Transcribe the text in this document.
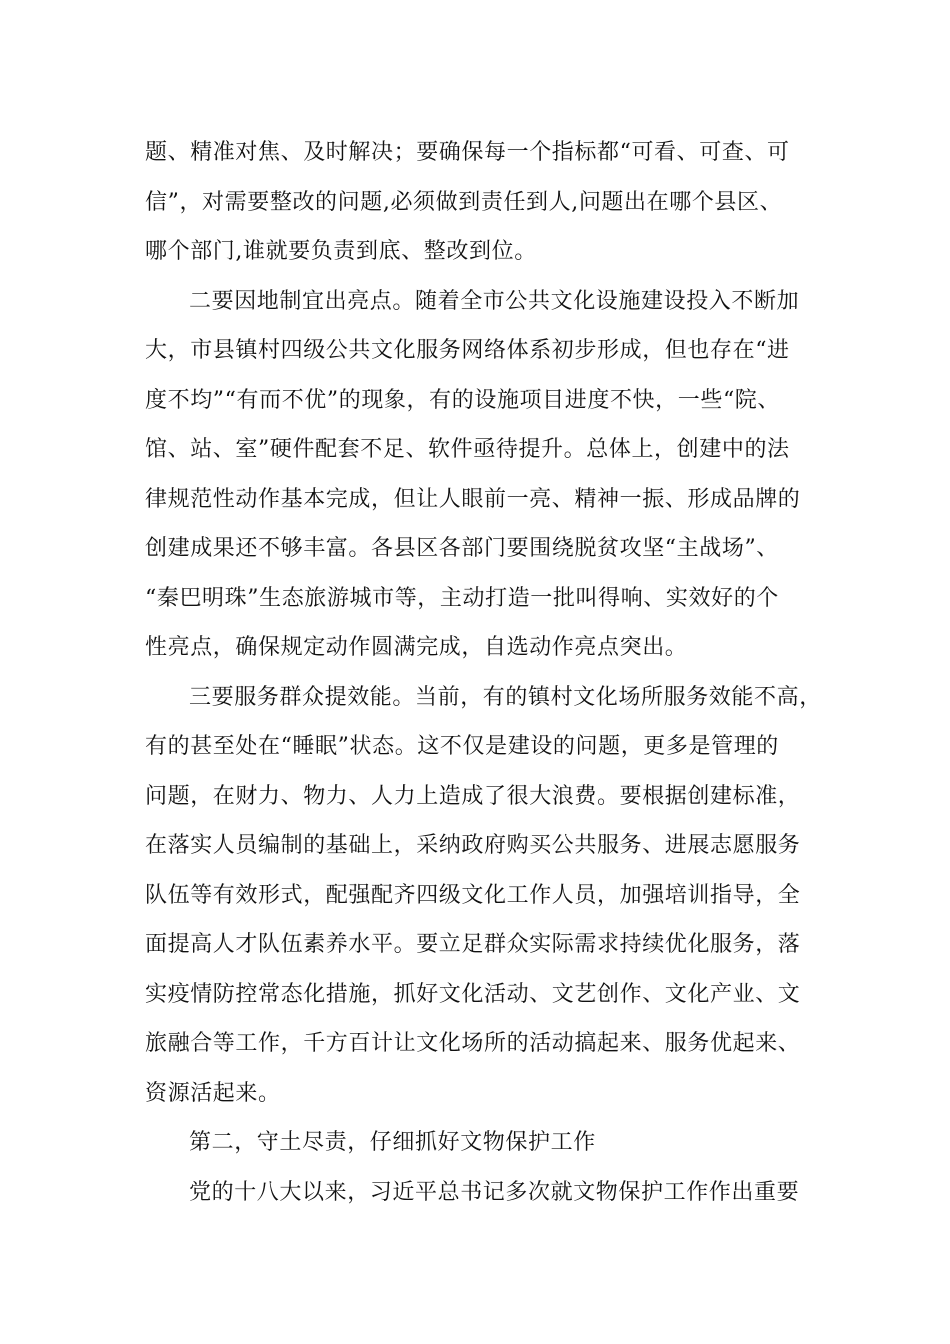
题、精准对焦、及时解决；要确保每一个指标都“可看、可查、可
信”，对需要整改的问题,必须做到责任到人,问题出在哪个县区、
哪个部门,谁就要负责到底、整改到位。

二要因地制宜出亮点。随着全市公共文化设施建设投入不断加
大，市县镇村四级公共文化服务网络体系初步形成，但也存在“进
度不均”“有而不优”的现象，有的设施项目进度不快，一些“院、
馆、站、室”硬件配套不足、软件亟待提升。总体上，创建中的法
律规范性动作基本完成，但让人眼前一亮、精神一振、形成品牌的
创建成果还不够丰富。各县区各部门要围绕脱贫攻坚“主战场”、
“秦巴明珠”生态旅游城市等，主动打造一批叫得响、实效好的个
性亮点，确保规定动作圆满完成，自选动作亮点突出。

三要服务群众提效能。当前，有的镇村文化场所服务效能不高，
有的甚至处在“睡眠”状态。这不仅是建设的问题，更多是管理的
问题，在财力、物力、人力上造成了很大浪费。要根据创建标准，
在落实人员编制的基础上，采纳政府购买公共服务、进展志愿服务
队伍等有效形式，配强配齐四级文化工作人员，加强培训指导，全
面提高人才队伍素养水平。要立足群众实际需求持续优化服务，落
实疫情防控常态化措施，抓好文化活动、文艺创作、文化产业、文
旅融合等工作，千方百计让文化场所的活动搞起来、服务优起来、
资源活起来。

第二，守土尽责，仔细抓好文物保护工作

党的十八大以来，习近平总书记多次就文物保护工作作出重要
